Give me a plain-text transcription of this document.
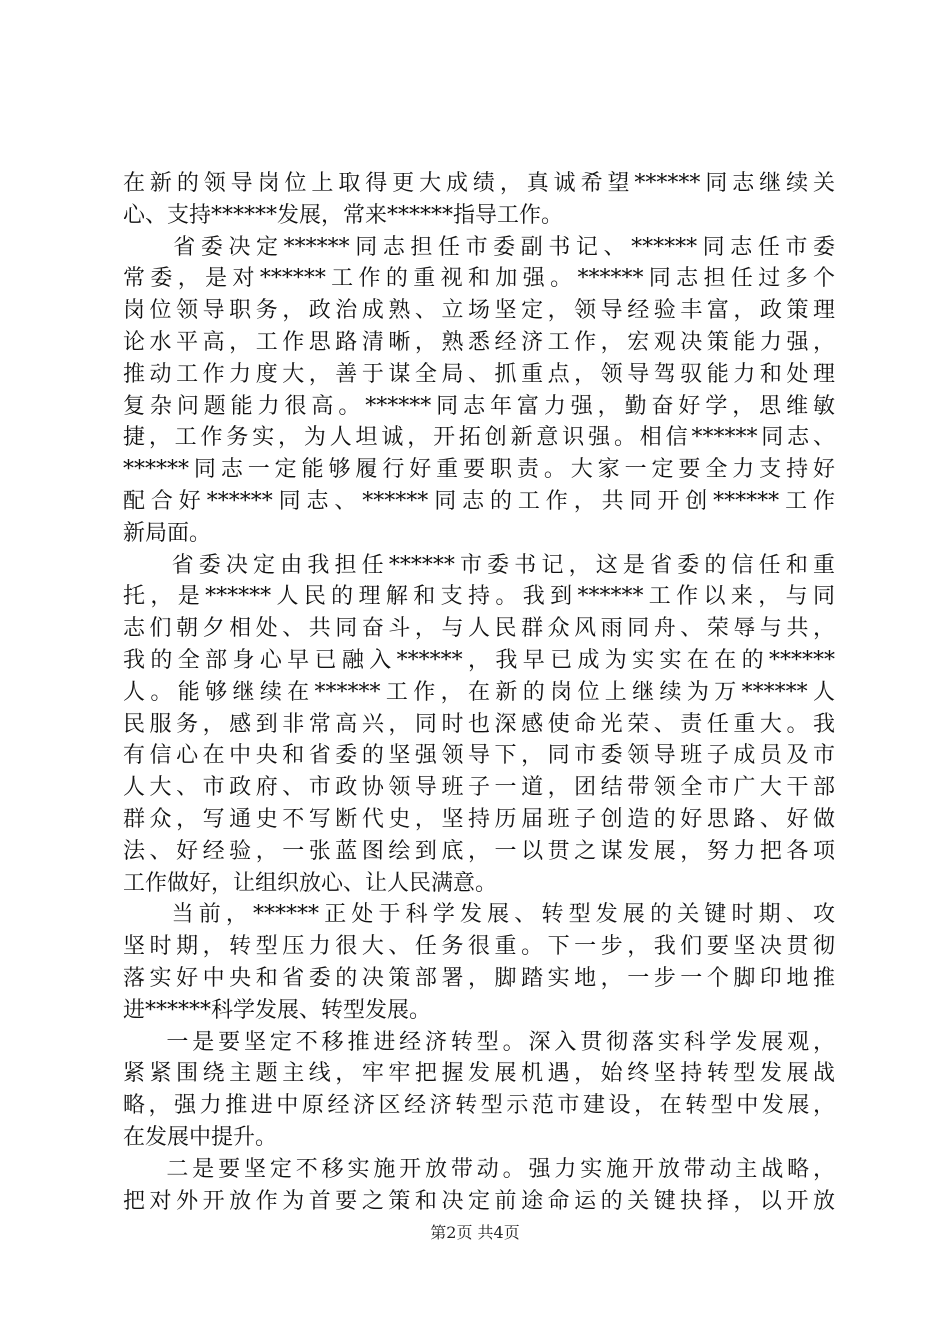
在新的领导岗位上取得更大成绩，真诚希望******同志继续关
心、支持******发展，常来******指导工作。
省委决定******同志担任市委副书记、******同志任市委
常委，是对******工作的重视和加强。******同志担任过多个
岗位领导职务，政治成熟、立场坚定，领导经验丰富，政策理
论水平高，工作思路清晰，熟悉经济工作，宏观决策能力强，
推动工作力度大，善于谋全局、抓重点，领导驾驭能力和处理
复杂问题能力很高。******同志年富力强，勤奋好学，思维敏
捷，工作务实，为人坦诚，开拓创新意识强。相信******同志、
******同志一定能够履行好重要职责。大家一定要全力支持好
配合好******同志、******同志的工作，共同开创******工作
新局面。
省委决定由我担任******市委书记，这是省委的信任和重
托，是******人民的理解和支持。我到******工作以来，与同
志们朝夕相处、共同奋斗，与人民群众风雨同舟、荣辱与共，
我的全部身心早已融入******，我早已成为实实在在的******
人。能够继续在******工作，在新的岗位上继续为万******人
民服务，感到非常高兴，同时也深感使命光荣、责任重大。我
有信心在中央和省委的坚强领导下，同市委领导班子成员及市
人大、市政府、市政协领导班子一道，团结带领全市广大干部
群众，写通史不写断代史，坚持历届班子创造的好思路、好做
法、好经验，一张蓝图绘到底，一以贯之谋发展，努力把各项
工作做好，让组织放心、让人民满意。
当前，******正处于科学发展、转型发展的关键时期、攻
坚时期，转型压力很大、任务很重。下一步，我们要坚决贯彻
落实好中央和省委的决策部署，脚踏实地，一步一个脚印地推
进******科学发展、转型发展。
一是要坚定不移推进经济转型。深入贯彻落实科学发展观，
紧紧围绕主题主线，牢牢把握发展机遇，始终坚持转型发展战
略，强力推进中原经济区经济转型示范市建设，在转型中发展，
在发展中提升。
二是要坚定不移实施开放带动。强力实施开放带动主战略，
把对外开放作为首要之策和决定前途命运的关键抉择，以开放
第2页 共4页
